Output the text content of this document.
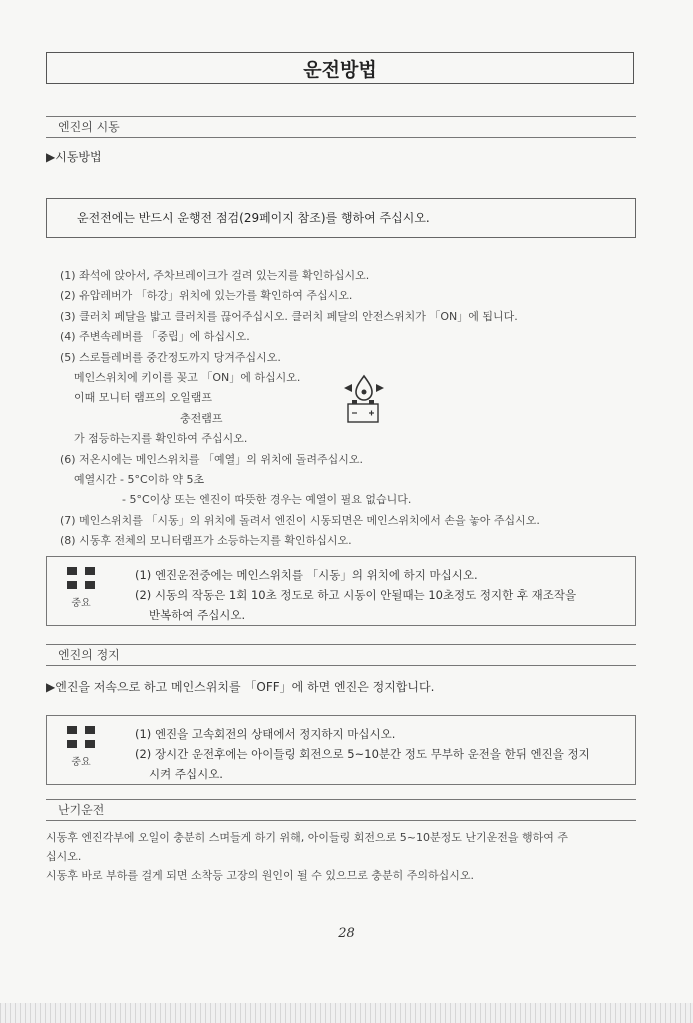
운전방법
엔진의 시동
▶시동방법
운전전에는 반드시 운행전 점검(29페이지 참조)를 행하여 주십시오.
(1) 좌석에 앉아서, 주차브레이크가 걸려 있는지를 확인하십시오.
(2) 유압레버가 「하강」위치에 있는가를 확인하여 주십시오.
(3) 클러치 페달을 밟고 클러치를 끊어주십시오. 클러치 페달의 안전스위치가 「ON」에 됩니다.
(4) 주변속레버를 「중립」에 하십시오.
(5) 스로틀레버를 중간정도까지 당겨주십시오.
메인스위치에 키이를 꽂고 「ON」에 하십시오.
이때 모니터 램프의 오일램프
충전램프
가 점등하는지를 확인하여 주십시오.
(6) 저온시에는 메인스위치를 「예열」의 위치에 돌려주십시오.
예열시간 - 5°C이하 약 5초
- 5°C이상 또는 엔진이 따뜻한 경우는 예열이 필요 없습니다.
(7) 메인스위치를 「시동」의 위치에 돌려서 엔진이 시동되면은 메인스위치에서 손을 놓아 주십시오.
(8) 시동후 전체의 모니터램프가 소등하는지를 확인하십시오.
중요
(1) 엔진운전중에는 메인스위치를 「시동」의 위치에 하지 마십시오.
(2) 시동의 작동은 1회 10초 정도로 하고 시동이 안될때는 10초정도 정지한 후 재조작을
반복하여 주십시오.
엔진의 정지
▶엔진을 저속으로 하고 메인스위치를 「OFF」에 하면 엔진은 정지합니다.
중요
(1) 엔진을 고속회전의 상태에서 정지하지 마십시오.
(2) 장시간 운전후에는 아이들링 회전으로 5~10분간 정도 무부하 운전을 한뒤 엔진을 정지
시켜 주십시오.
난기운전
시동후 엔진각부에 오일이 충분히 스며들게 하기 위해, 아이들링 회전으로 5~10분정도 난기운전을 행하여 주
십시오.
시동후 바로 부하를 걸게 되면 소착등 고장의 원인이 될 수 있으므로 충분히 주의하십시오.
28
